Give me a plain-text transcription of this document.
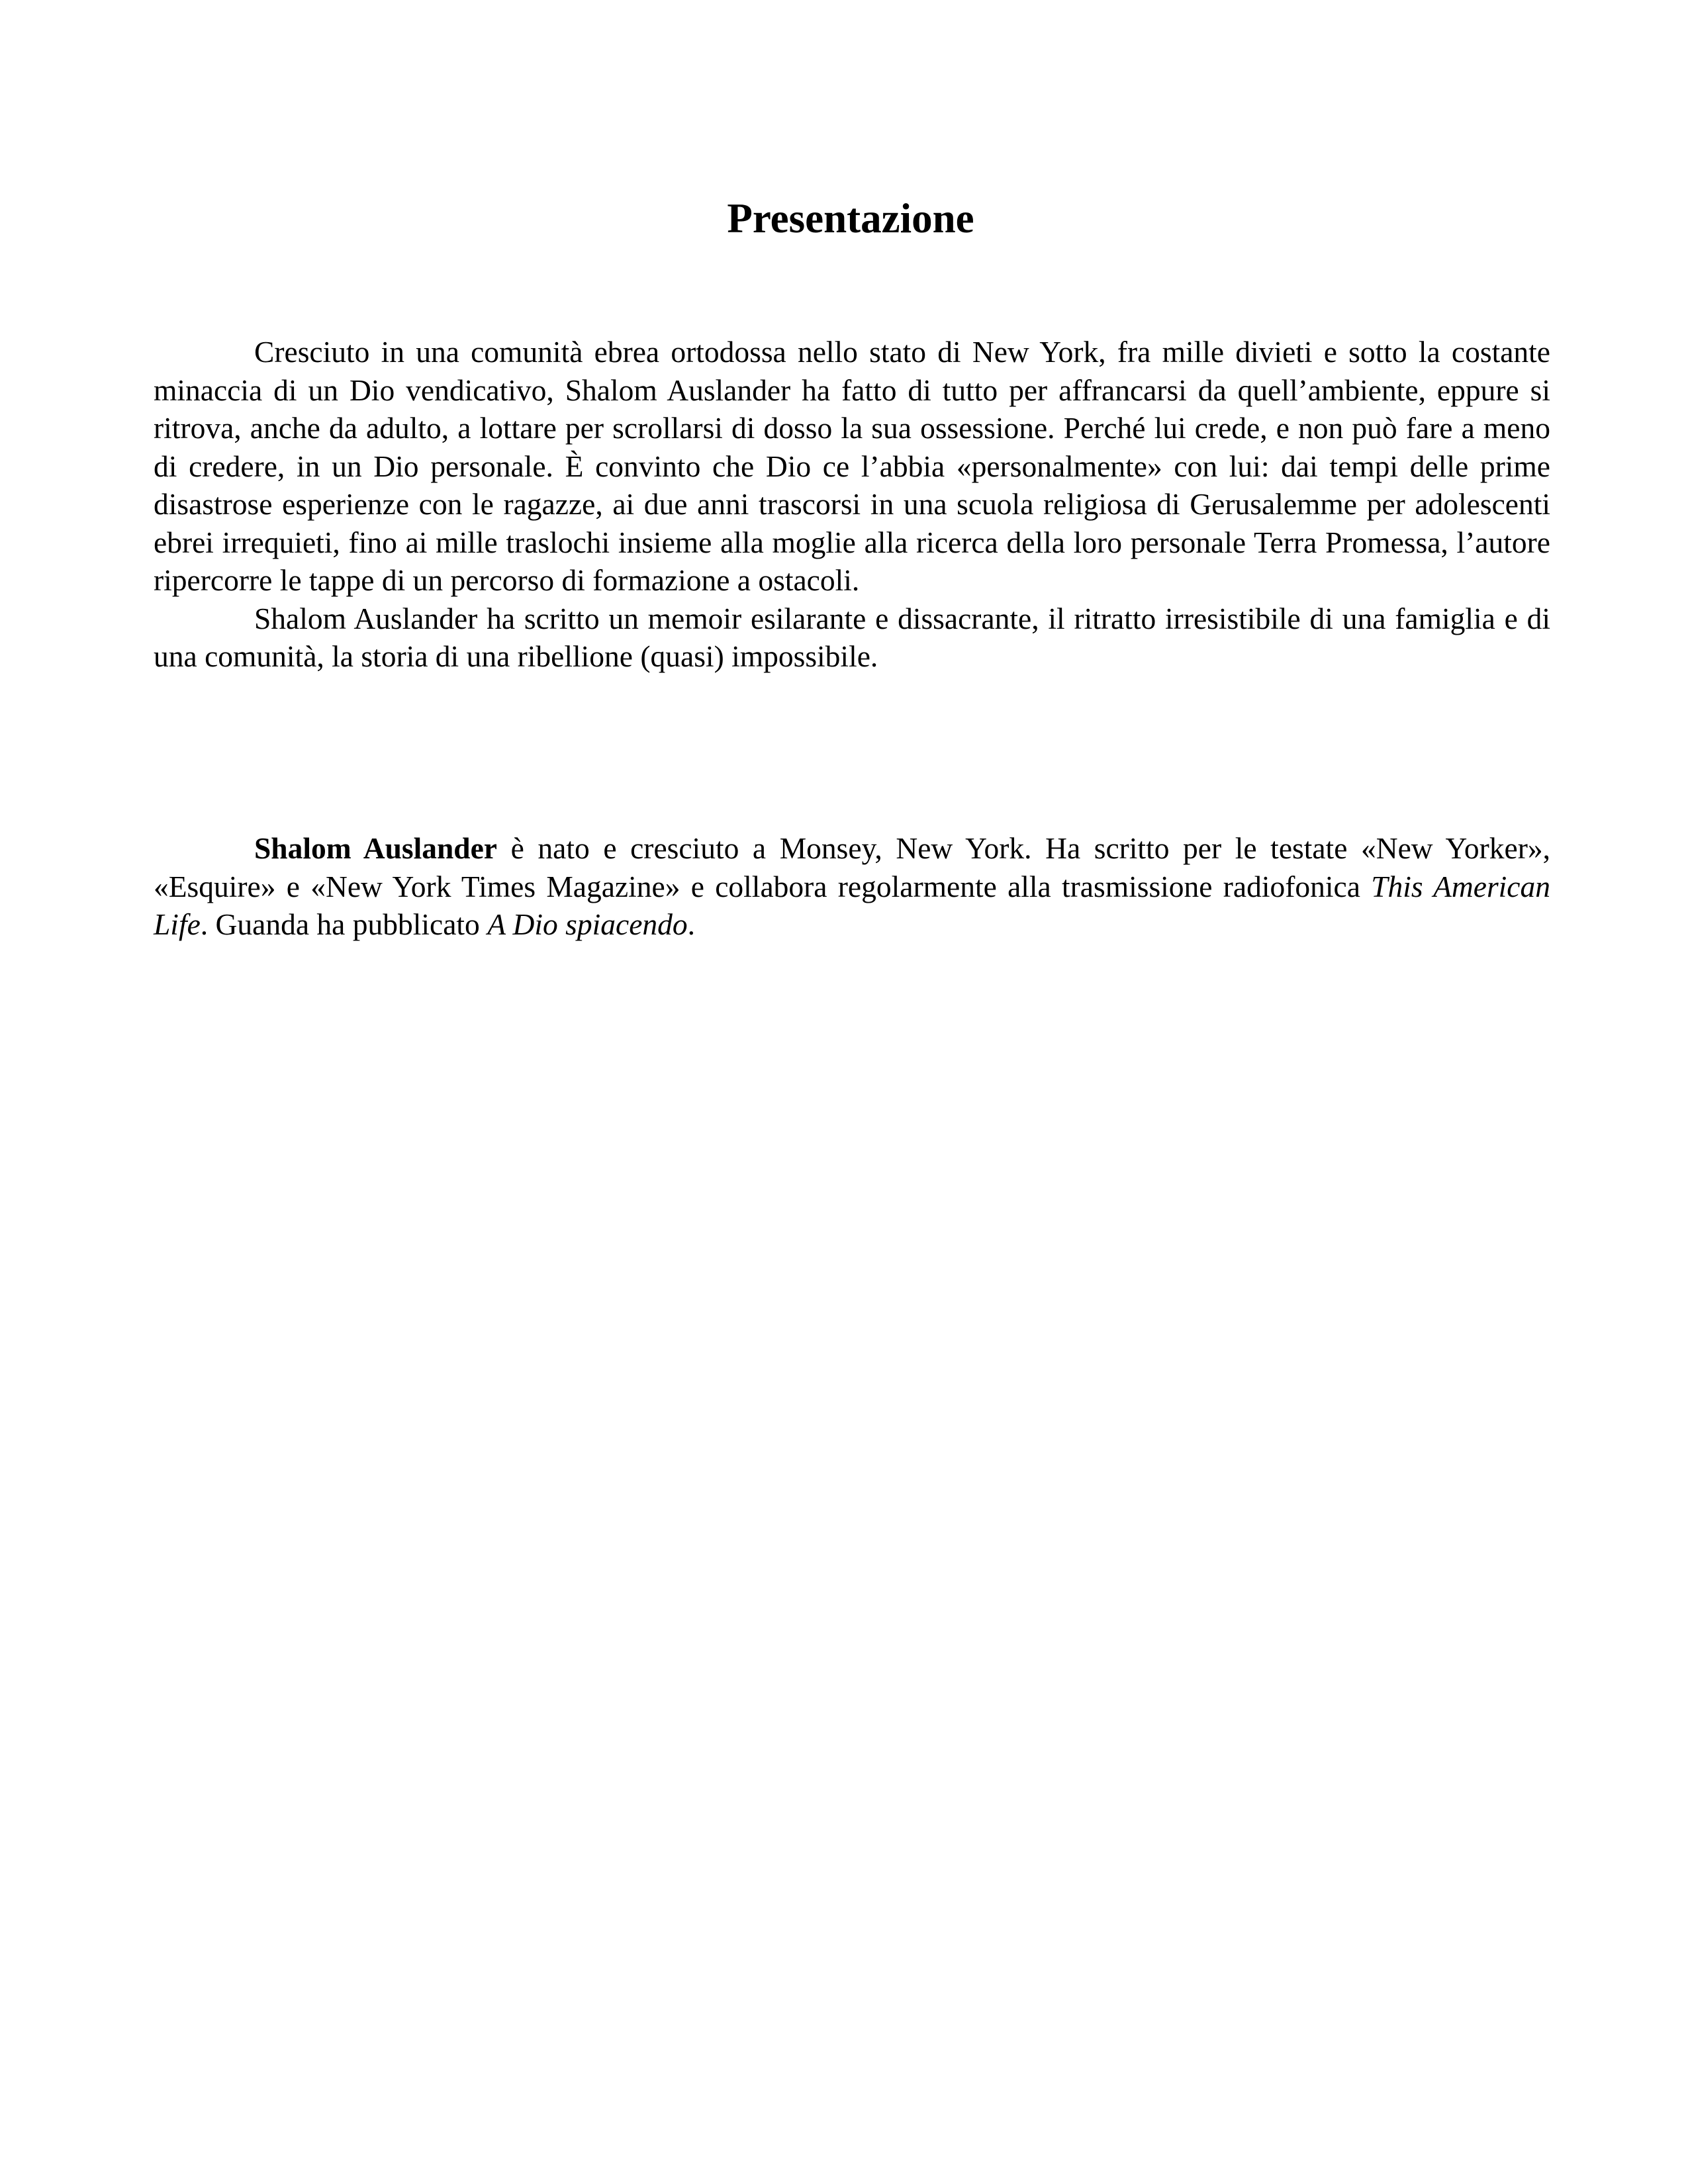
Presentazione

Cresciuto in una comunità ebrea ortodossa nello stato di New York, fra mille divieti e sotto la costante minaccia di un Dio vendicativo, Shalom Auslander ha fatto di tutto per affrancarsi da quell’ambiente, eppure si ritrova, anche da adulto, a lottare per scrollarsi di dosso la sua ossessione. Perché lui crede, e non può fare a meno di credere, in un Dio personale. È convinto che Dio ce l’abbia «personalmente» con lui: dai tempi delle prime disastrose esperienze con le ragazze, ai due anni trascorsi in una scuola religiosa di Gerusalemme per adolescenti ebrei irrequieti, fino ai mille traslochi insieme alla moglie alla ricerca della loro personale Terra Promessa, l’autore ripercorre le tappe di un percorso di formazione a ostacoli.

Shalom Auslander ha scritto un memoir esilarante e dissacrante, il ritratto irresistibile di una famiglia e di una comunità, la storia di una ribellione (quasi) impossibile.

Shalom Auslander è nato e cresciuto a Monsey, New York. Ha scritto per le testate «New Yorker», «Esquire» e «New York Times Magazine» e collabora regolarmente alla trasmissione radiofonica This American Life. Guanda ha pubblicato A Dio spiacendo.
